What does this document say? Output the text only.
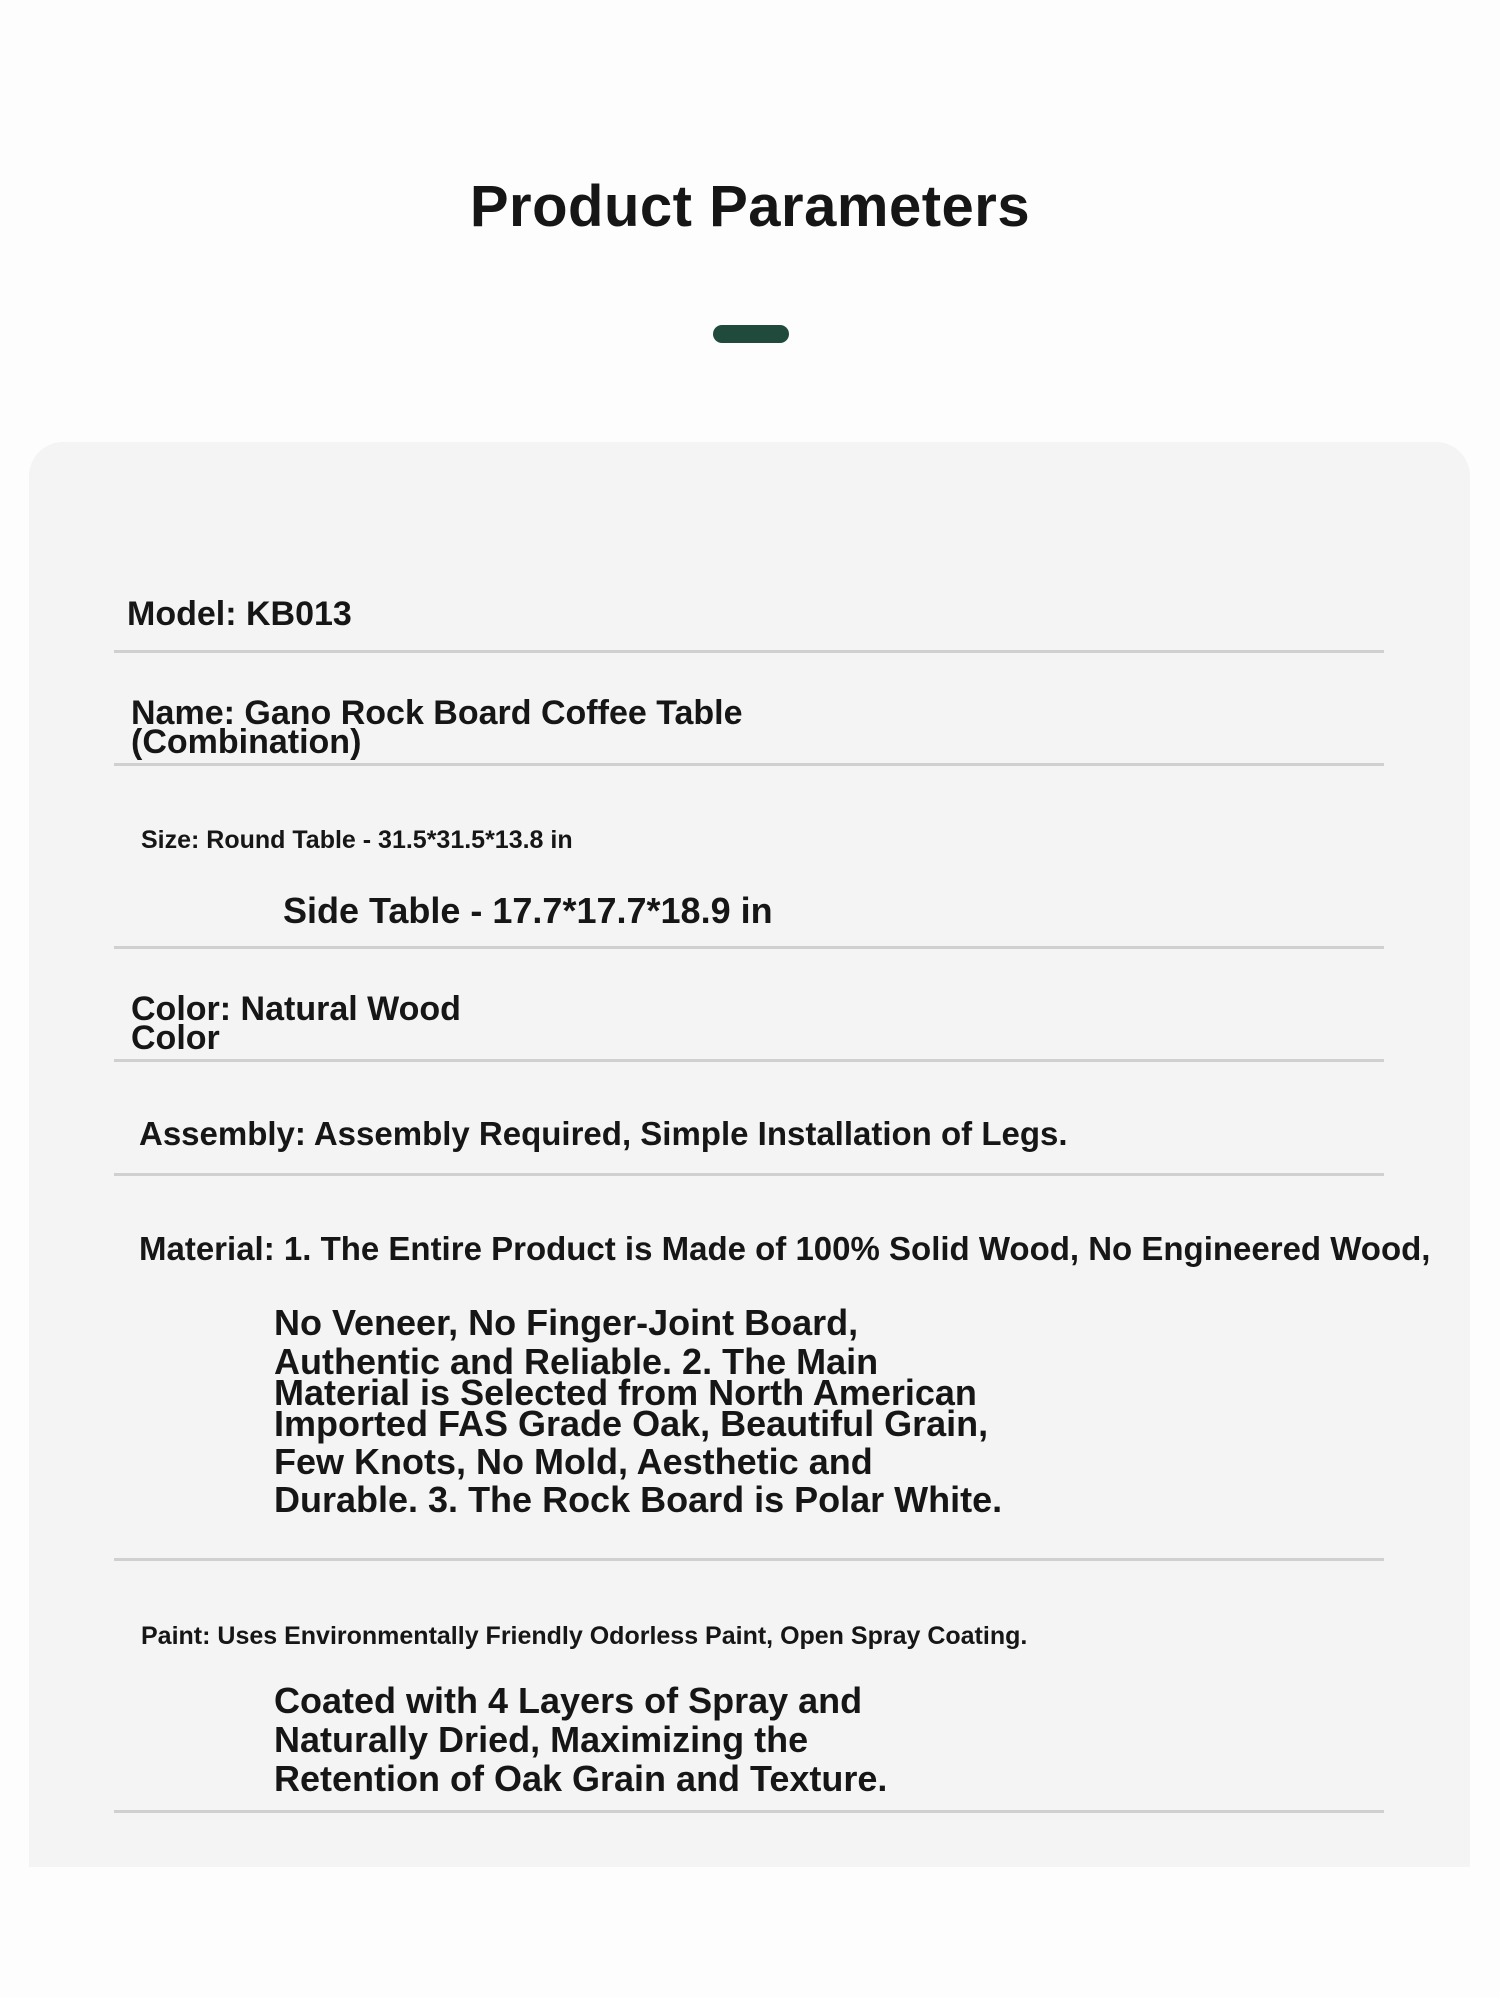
Product Parameters

Model: KB013

Name: Gano Rock Board Coffee Table

(Combination)

Size: Round Table - 31.5*31.5*13.8 in

Side Table - 17.7*17.7*18.9 in

Color: Natural Wood

Color

Assembly: Assembly Required, Simple Installation of Legs.

Material: 1. The Entire Product is Made of 100% Solid Wood, No Engineered Wood,

No Veneer, No Finger-Joint Board,

Authentic and Reliable. 2. The Main

Material is Selected from North American

Imported FAS Grade Oak, Beautiful Grain,

Few Knots, No Mold, Aesthetic and

Durable. 3. The Rock Board is Polar White.

Paint: Uses Environmentally Friendly Odorless Paint, Open Spray Coating.

Coated with 4 Layers of Spray and

Naturally Dried, Maximizing the

Retention of Oak Grain and Texture.
